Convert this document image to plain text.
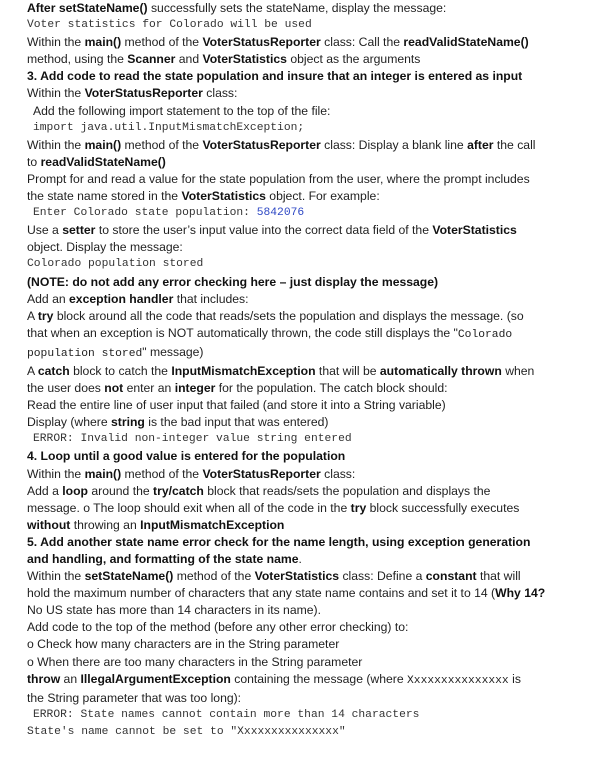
After setStateName() successfully sets the stateName, display the message:
Voter statistics for Colorado will be used
Within the main() method of the VoterStatusReporter class: Call the readValidStateName()
method, using the Scanner and VoterStatistics object as the arguments
3. Add code to read the state population and insure that an integer is entered as input
Within the VoterStatusReporter class:
Add the following import statement to the top of the file:
import java.util.InputMismatchException;
Within the main() method of the VoterStatusReporter class: Display a blank line after the call
to readValidStateName()
Prompt for and read a value for the state population from the user, where the prompt includes
the state name stored in the VoterStatistics object. For example:
Enter Colorado state population: 5842076
Use a setter to store the user’s input value into the correct data field of the VoterStatistics
object. Display the message:
Colorado population stored
(NOTE: do not add any error checking here – just display the message)
Add an exception handler that includes:
A try block around all the code that reads/sets the population and displays the message. (so
that when an exception is NOT automatically thrown, the code still displays the "Colorado
population stored" message)
A catch block to catch the InputMismatchException that will be automatically thrown when
the user does not enter an integer for the population. The catch block should:
Read the entire line of user input that failed (and store it into a String variable)
Display (where string is the bad input that was entered)
ERROR: Invalid non-integer value string entered
4. Loop until a good value is entered for the population
Within the main() method of the VoterStatusReporter class:
Add a loop around the try/catch block that reads/sets the population and displays the
message. o The loop should exit when all of the code in the try block successfully executes
without throwing an InputMismatchException
5. Add another state name error check for the name length, using exception generation
and handling, and formatting of the state name.
Within the setStateName() method of the VoterStatistics class: Define a constant that will
hold the maximum number of characters that any state name contains and set it to 14 (Why 14?
No US state has more than 14 characters in its name).
Add code to the top of the method (before any other error checking) to:
o Check how many characters are in the String parameter
o When there are too many characters in the String parameter
throw an IllegalArgumentException containing the message (where Xxxxxxxxxxxxxxx is
the String parameter that was too long):
ERROR: State names cannot contain more than 14 characters
State's name cannot be set to "Xxxxxxxxxxxxxxx"
